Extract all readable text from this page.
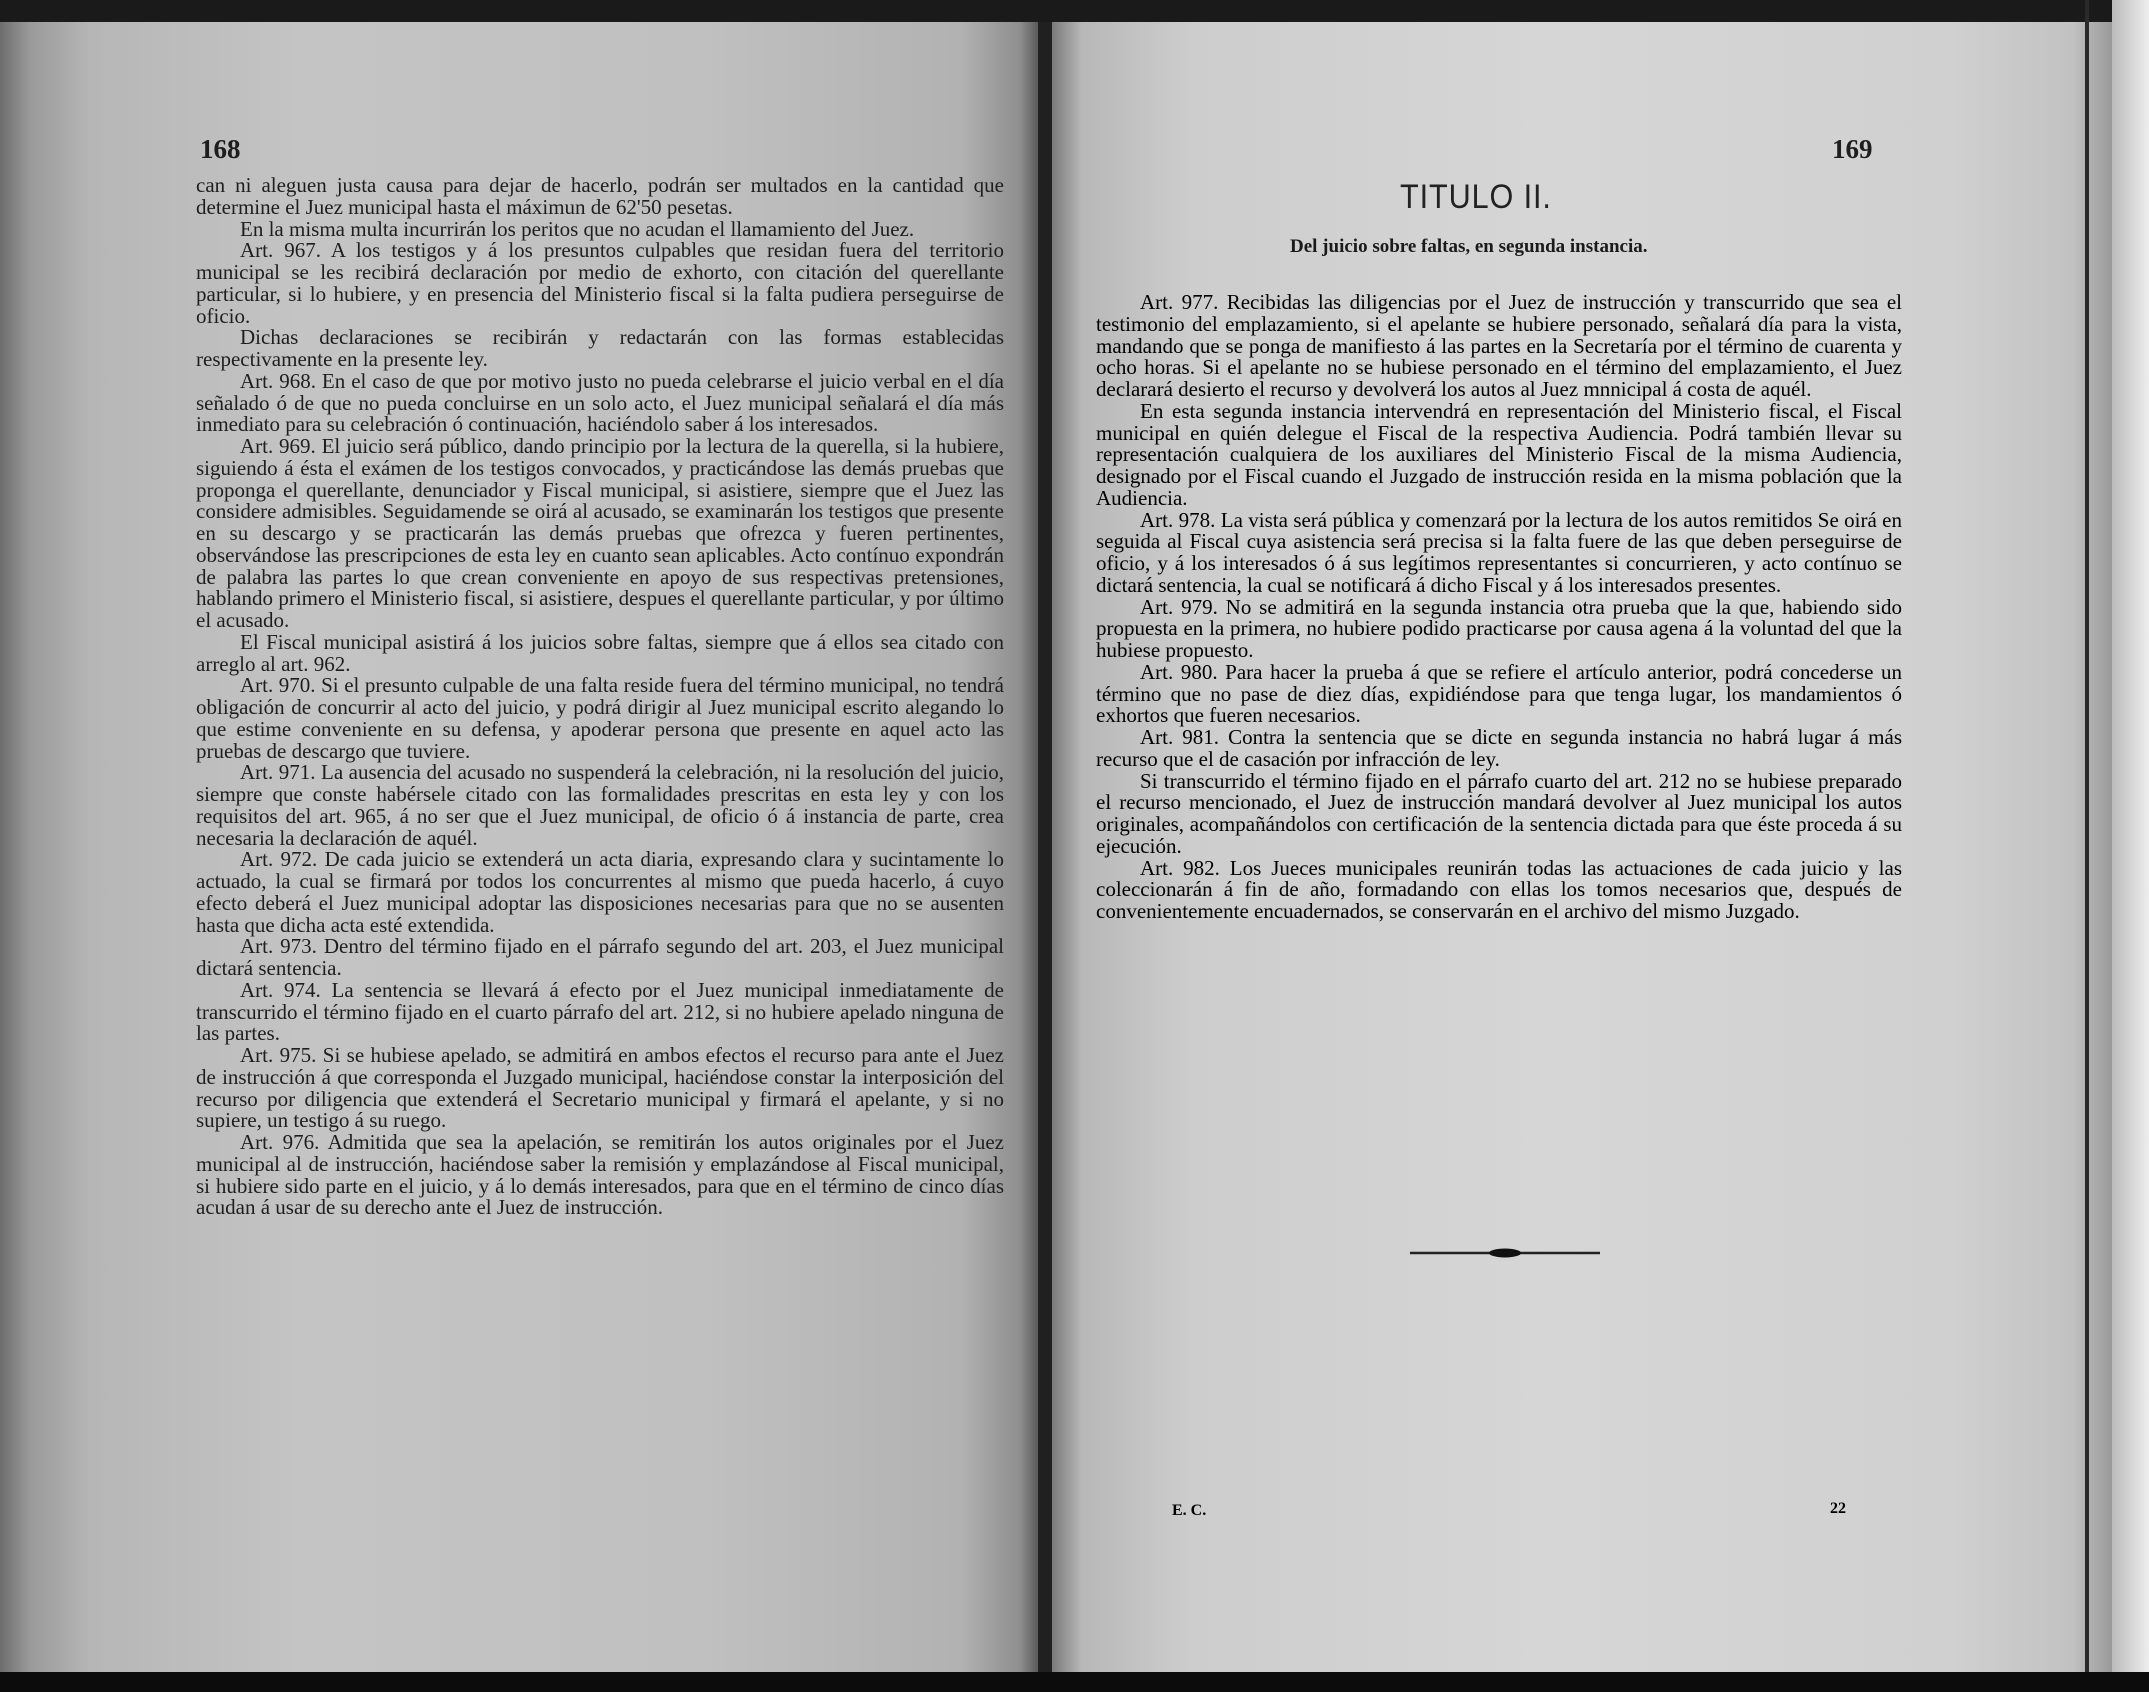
168

can ni aleguen justa causa para dejar de hacerlo, podrán ser multados en la cantidad que determine el Juez municipal hasta el máximun de 62'50 pesetas.

En la misma multa incurrirán los peritos que no acudan el llamamiento del Juez.

Art. 967. A los testigos y á los presuntos culpables que residan fuera del territorio municipal se les recibirá declaración por medio de exhorto, con citación del querellante particular, si lo hubiere, y en presencia del Ministerio fiscal si la falta pudiera perseguirse de oficio.

Dichas declaraciones se recibirán y redactarán con las formas establecidas respectivamente en la presente ley.

Art. 968. En el caso de que por motivo justo no pueda celebrarse el juicio verbal en el día señalado ó de que no pueda concluirse en un solo acto, el Juez municipal señalará el día más inmediato para su celebración ó continuación, haciéndolo saber á los interesados.

Art. 969. El juicio será público, dando principio por la lectura de la querella, si la hubiere, siguiendo á ésta el exámen de los testigos convocados, y practicándose las demás pruebas que proponga el querellante, denunciador y Fiscal municipal, si asistiere, siempre que el Juez las considere admisibles. Seguidamende se oirá al acusado, se examinarán los testigos que presente en su descargo y se practicarán las demás pruebas que ofrezca y fueren pertinentes, observándose las prescripciones de esta ley en cuanto sean aplicables. Acto contínuo expondrán de palabra las partes lo que crean conveniente en apoyo de sus respectivas pretensiones, hablando primero el Ministerio fiscal, si asistiere, despues el querellante particular, y por último el acusado.

El Fiscal municipal asistirá á los juicios sobre faltas, siempre que á ellos sea citado con arreglo al art. 962.

Art. 970. Si el presunto culpable de una falta reside fuera del término municipal, no tendrá obligación de concurrir al acto del juicio, y podrá dirigir al Juez municipal escrito alegando lo que estime conveniente en su defensa, y apoderar persona que presente en aquel acto las pruebas de descargo que tuviere.

Art. 971. La ausencia del acusado no suspenderá la celebración, ni la resolución del juicio, siempre que conste habérsele citado con las formalidades prescritas en esta ley y con los requisitos del art. 965, á no ser que el Juez municipal, de oficio ó á instancia de parte, crea necesaria la declaración de aquél.

Art. 972. De cada juicio se extenderá un acta diaria, expresando clara y sucintamente lo actuado, la cual se firmará por todos los concurrentes al mismo que pueda hacerlo, á cuyo efecto deberá el Juez municipal adoptar las disposiciones necesarias para que no se ausenten hasta que dicha acta esté extendida.

Art. 973. Dentro del término fijado en el párrafo segundo del art. 203, el Juez municipal dictará sentencia.

Art. 974. La sentencia se llevará á efecto por el Juez municipal inmediatamente de transcurrido el término fijado en el cuarto párrafo del art. 212, si no hubiere apelado ninguna de las partes.

Art. 975. Si se hubiese apelado, se admitirá en ambos efectos el recurso para ante el Juez de instrucción á que corresponda el Juzgado municipal, haciéndose constar la interposición del recurso por diligencia que extenderá el Secretario municipal y firmará el apelante, y si no supiere, un testigo á su ruego.

Art. 976. Admitida que sea la apelación, se remitirán los autos originales por el Juez municipal al de instrucción, haciéndose saber la remisión y emplazándose al Fiscal municipal, si hubiere sido parte en el juicio, y á lo demás interesados, para que en el término de cinco días acudan á usar de su derecho ante el Juez de instrucción.

169
TITULO II.
Del juicio sobre faltas, en segunda instancia.

Art. 977. Recibidas las diligencias por el Juez de instrucción y transcurrido que sea el testimonio del emplazamiento, si el apelante se hubiere personado, señalará día para la vista, mandando que se ponga de manifiesto á las partes en la Secretaría por el término de cuarenta y ocho horas. Si el apelante no se hubiese personado en el término del emplazamiento, el Juez declarará desierto el recurso y devolverá los autos al Juez mnnicipal á costa de aquél.

En esta segunda instancia intervendrá en representación del Ministerio fiscal, el Fiscal municipal en quién delegue el Fiscal de la respectiva Audiencia. Podrá también llevar su representación cualquiera de los auxiliares del Ministerio Fiscal de la misma Audiencia, designado por el Fiscal cuando el Juzgado de instrucción resida en la misma población que la Audiencia.

Art. 978. La vista será pública y comenzará por la lectura de los autos remitidos Se oirá en seguida al Fiscal cuya asistencia será precisa si la falta fuere de las que deben perseguirse de oficio, y á los interesados ó á sus legítimos representantes si concurrieren, y acto contínuo se dictará sentencia, la cual se notificará á dicho Fiscal y á los interesados presentes.

Art. 979. No se admitirá en la segunda instancia otra prueba que la que, habiendo sido propuesta en la primera, no hubiere podido practicarse por causa agena á la voluntad del que la hubiese propuesto.

Art. 980. Para hacer la prueba á que se refiere el artículo anterior, podrá concederse un término que no pase de diez días, expidiéndose para que tenga lugar, los mandamientos ó exhortos que fueren necesarios.

Art. 981. Contra la sentencia que se dicte en segunda instancia no habrá lugar á más recurso que el de casación por infracción de ley.

Si transcurrido el término fijado en el párrafo cuarto del art. 212 no se hubiese preparado el recurso mencionado, el Juez de instrucción mandará devolver al Juez municipal los autos originales, acompañándolos con certificación de la sentencia dictada para que éste proceda á su ejecución.

Art. 982. Los Jueces municipales reunirán todas las actuaciones de cada juicio y las coleccionarán á fin de año, formadando con ellas los tomos necesarios que, después de convenientemente encuadernados, se conservarán en el archivo del mismo Juzgado.

E. C.	22
